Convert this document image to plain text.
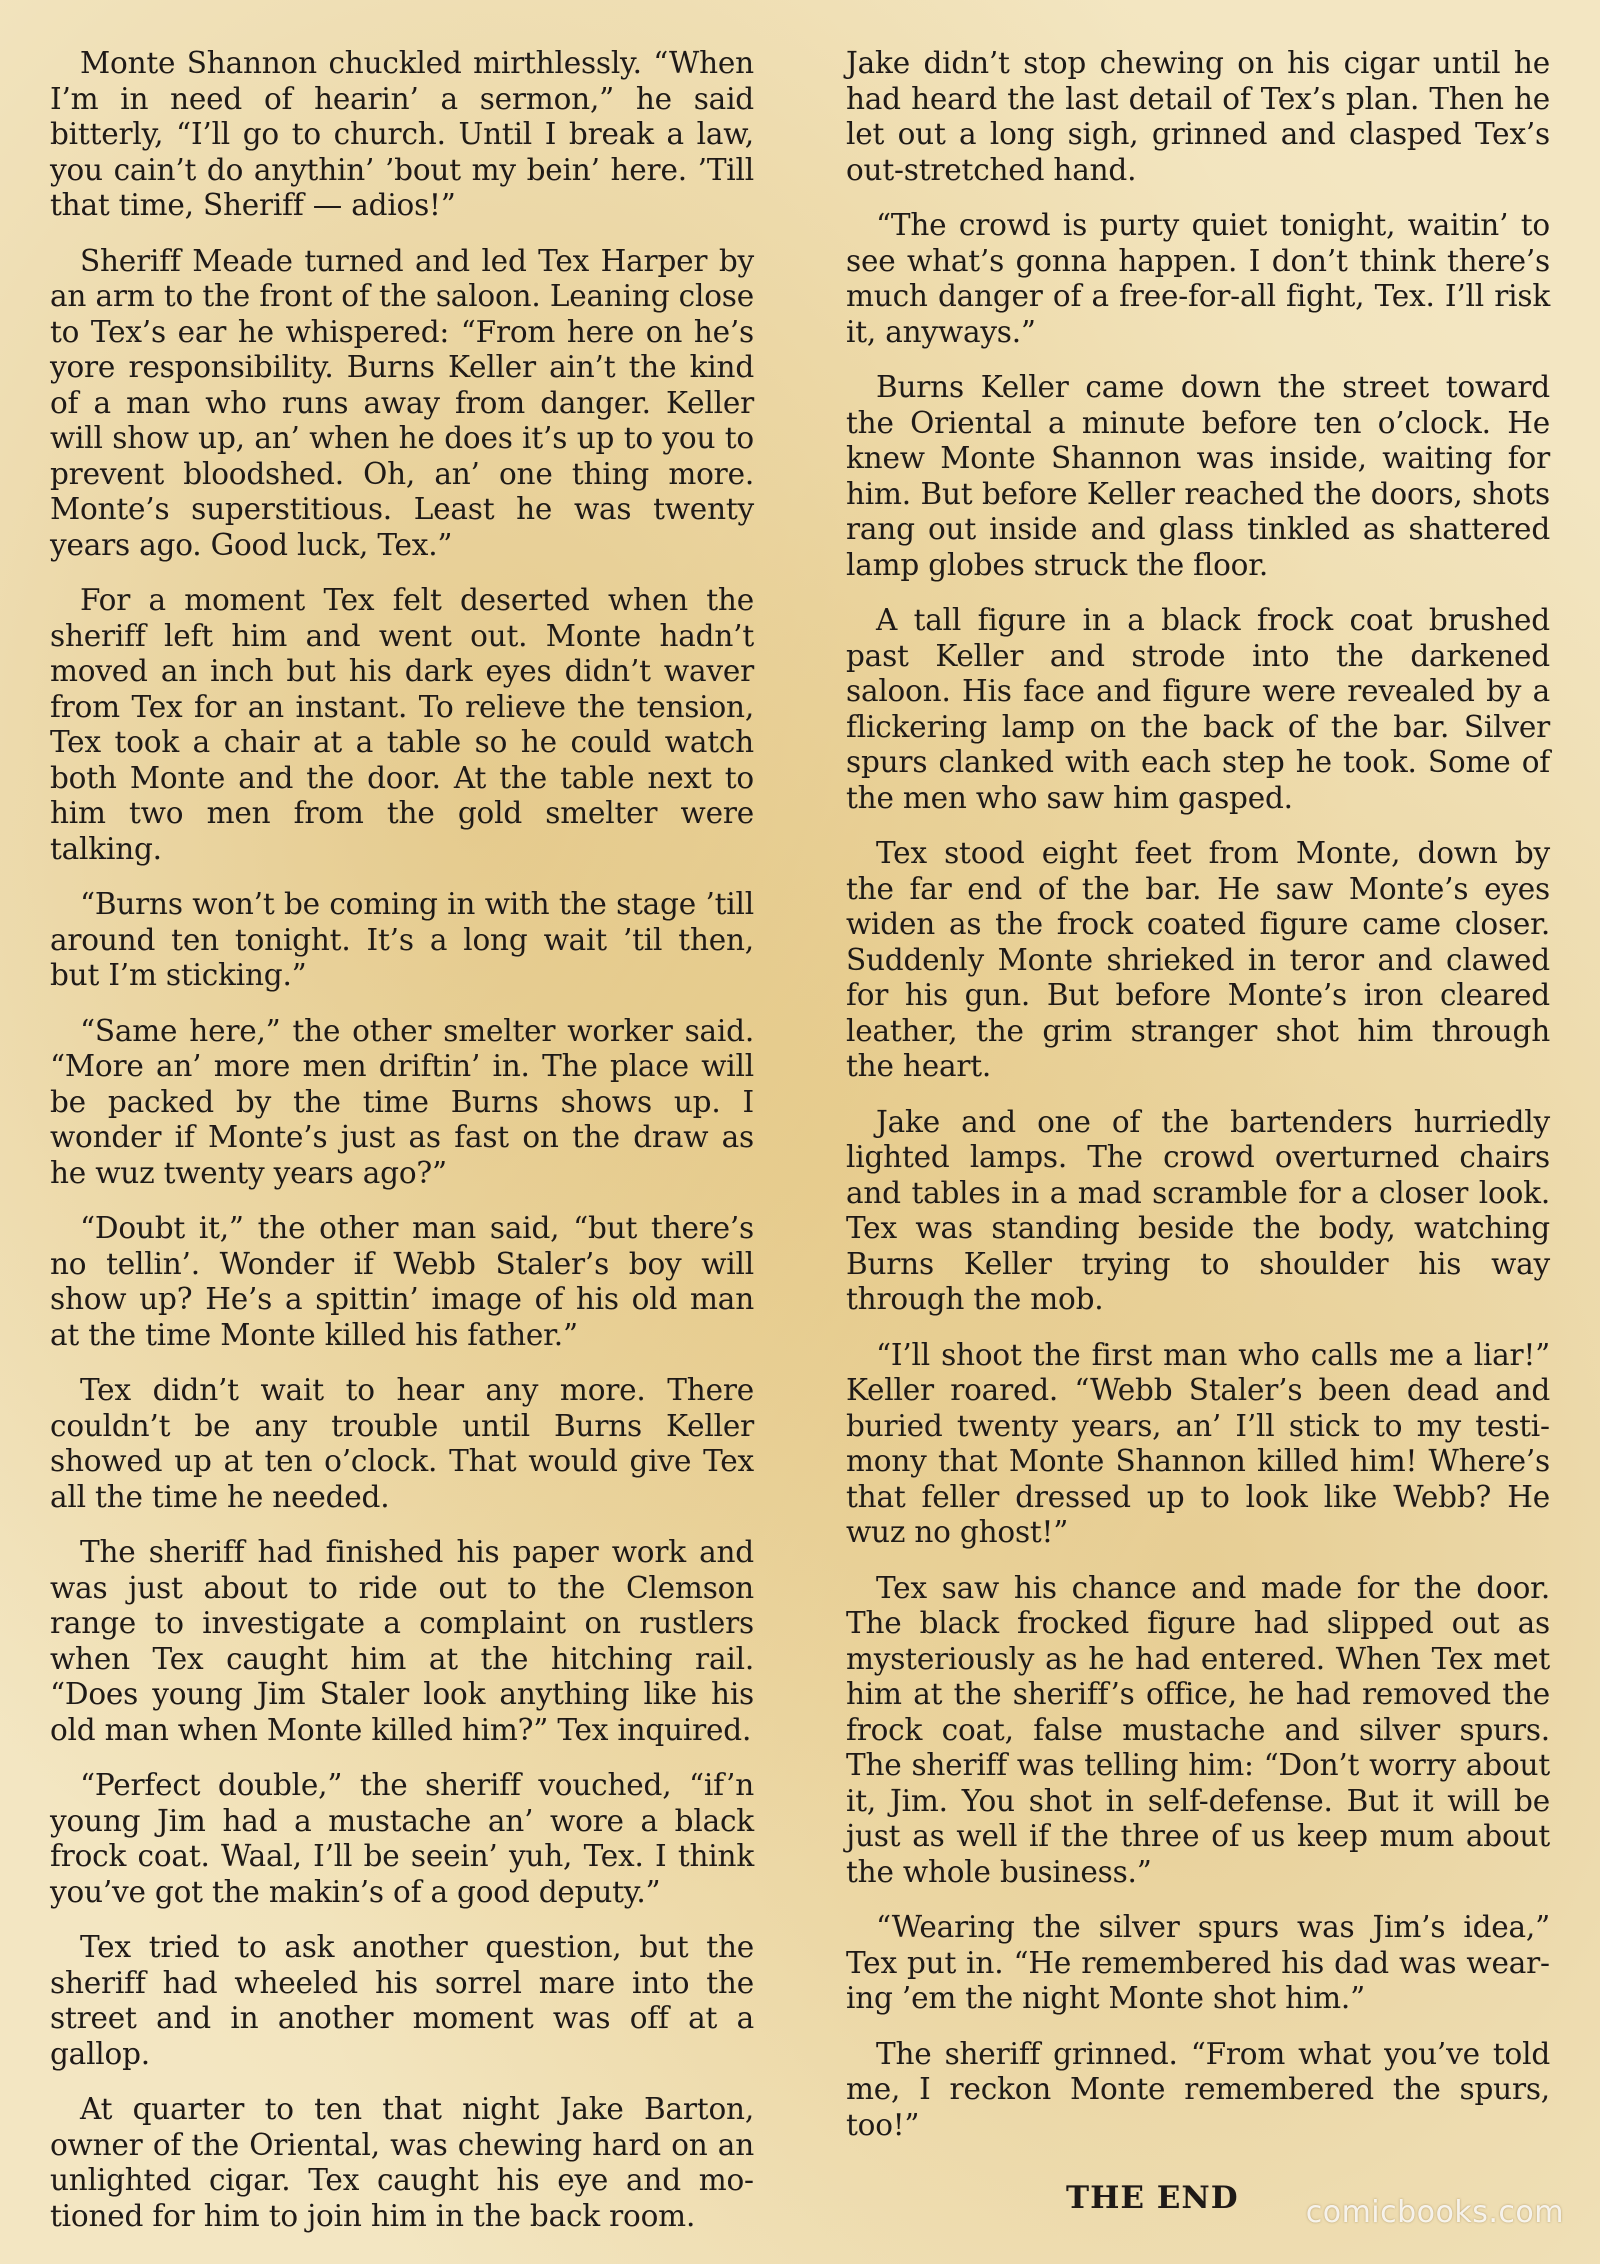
Monte Shannon chuckled mirthlessly. “When I’m in need of hearin’ a sermon,” he said bitterly, “I’ll go to church. Until I break a law, you cain’t do anythin’ ’bout my bein’ here. ’Till that time, Sheriff — adios!”

Sheriff Meade turned and led Tex Harper by an arm to the front of the saloon. Leaning close to Tex’s ear he whispered: “From here on he’s yore responsibility. Burns Keller ain’t the kind of a man who runs away from danger. Keller will show up, an’ when he does it’s up to you to prevent bloodshed. Oh, an’ one thing more. Monte’s superstitious. Least he was twenty years ago. Good luck, Tex.”

For a moment Tex felt deserted when the sheriff left him and went out. Monte hadn’t moved an inch but his dark eyes didn’t waver from Tex for an instant. To relieve the tension, Tex took a chair at a table so he could watch both Monte and the door. At the table next to him two men from the gold smelter were talking.

“Burns won’t be coming in with the stage ’till around ten tonight. It’s a long wait ’til then, but I’m sticking.”

“Same here,” the other smelter worker said. “More an’ more men driftin’ in. The place will be packed by the time Burns shows up. I wonder if Monte’s just as fast on the draw as he wuz twenty years ago?”

“Doubt it,” the other man said, “but there’s no tellin’. Wonder if Webb Staler’s boy will show up? He’s a spittin’ image of his old man at the time Monte killed his father.”

Tex didn’t wait to hear any more. There couldn’t be any trouble until Burns Keller showed up at ten o’clock. That would give Tex all the time he needed.

The sheriff had finished his paper work and was just about to ride out to the Clemson range to investigate a complaint on rustlers when Tex caught him at the hitching rail. “Does young Jim Staler look anything like his old man when Monte killed him?” Tex inquired.

“Perfect double,” the sheriff vouched, “if’n young Jim had a mustache an’ wore a black frock coat. Waal, I’ll be seein’ yuh, Tex. I think you’ve got the makin’s of a good deputy.”

Tex tried to ask another question, but the sheriff had wheeled his sorrel mare into the street and in another moment was off at a gallop.

At quarter to ten that night Jake Barton, owner of the Oriental, was chewing hard on an unlighted cigar. Tex caught his eye and motioned for him to join him in the back room.

Jake didn’t stop chewing on his cigar until he had heard the last detail of Tex’s plan. Then he let out a long sigh, grinned and clasped Tex’s out-stretched hand.

“The crowd is purty quiet tonight, waitin’ to see what’s gonna happen. I don’t think there’s much danger of a free-for-all fight, Tex. I’ll risk it, anyways.”

Burns Keller came down the street toward the Oriental a minute before ten o’clock. He knew Monte Shannon was inside, waiting for him. But before Keller reached the doors, shots rang out inside and glass tinkled as shattered lamp globes struck the floor.

A tall figure in a black frock coat brushed past Keller and strode into the darkened saloon. His face and figure were revealed by a flickering lamp on the back of the bar. Silver spurs clanked with each step he took. Some of the men who saw him gasped.

Tex stood eight feet from Monte, down by the far end of the bar. He saw Monte’s eyes widen as the frock coated figure came closer. Suddenly Monte shrieked in teror and clawed for his gun. But before Monte’s iron cleared leather, the grim stranger shot him through the heart.

Jake and one of the bartenders hurriedly lighted lamps. The crowd overturned chairs and tables in a mad scramble for a closer look. Tex was standing beside the body, watching Burns Keller trying to shoulder his way through the mob.

“I’ll shoot the first man who calls me a liar!” Keller roared. “Webb Staler’s been dead and buried twenty years, an’ I’ll stick to my testimony that Monte Shannon killed him! Where’s that feller dressed up to look like Webb? He wuz no ghost!”

Tex saw his chance and made for the door. The black frocked figure had slipped out as mysteriously as he had entered. When Tex met him at the sheriff’s office, he had removed the frock coat, false mustache and silver spurs. The sheriff was telling him: “Don’t worry about it, Jim. You shot in self-defense. But it will be just as well if the three of us keep mum about the whole business.”

“Wearing the silver spurs was Jim’s idea,” Tex put in. “He remembered his dad was wearing ’em the night Monte shot him.”

The sheriff grinned. “From what you’ve told me, I reckon Monte remembered the spurs, too!”

THE END comicbooks.com
